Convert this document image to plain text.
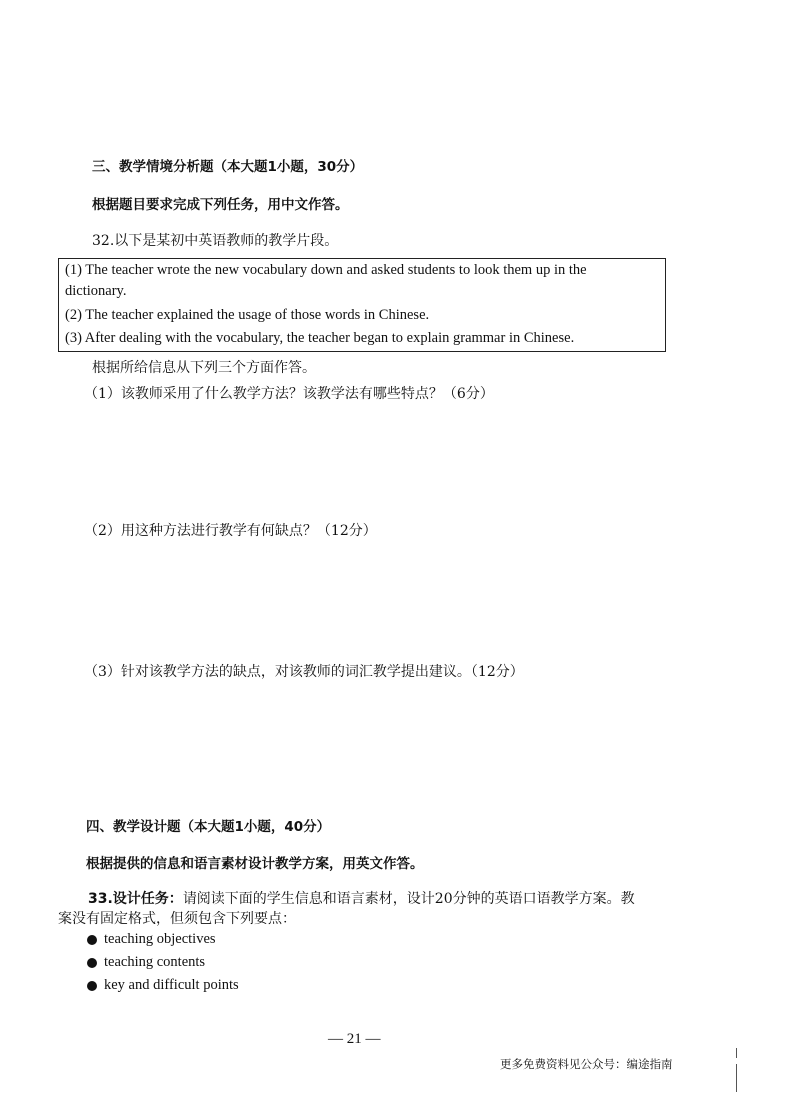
三、教学情境分析题（本大题1小题，30分）
根据题目要求完成下列任务，用中文作答。
32.以下是某初中英语教师的教学片段。
(1) The teacher wrote the new vocabulary down and asked students to look them up in the
dictionary.
(2) The teacher explained the usage of those words in Chinese.
(3) After dealing with the vocabulary, the teacher began to explain grammar in Chinese.
根据所给信息从下列三个方面作答。
（1）该教师采用了什么教学方法？该教学法有哪些特点？（6分）
（2）用这种方法进行教学有何缺点？（12分）
（3）针对该教学方法的缺点，对该教师的词汇教学提出建议。（12分）
四、教学设计题（本大题1小题，40分）
根据提供的信息和语言素材设计教学方案，用英文作答。
33.设计任务：请阅读下面的学生信息和语言素材，设计20分钟的英语口语教学方案。教
案没有固定格式，但须包含下列要点：
teaching objectives
teaching contents
key and difficult points
— 21 —
更多免费资料见公众号：编途指南
